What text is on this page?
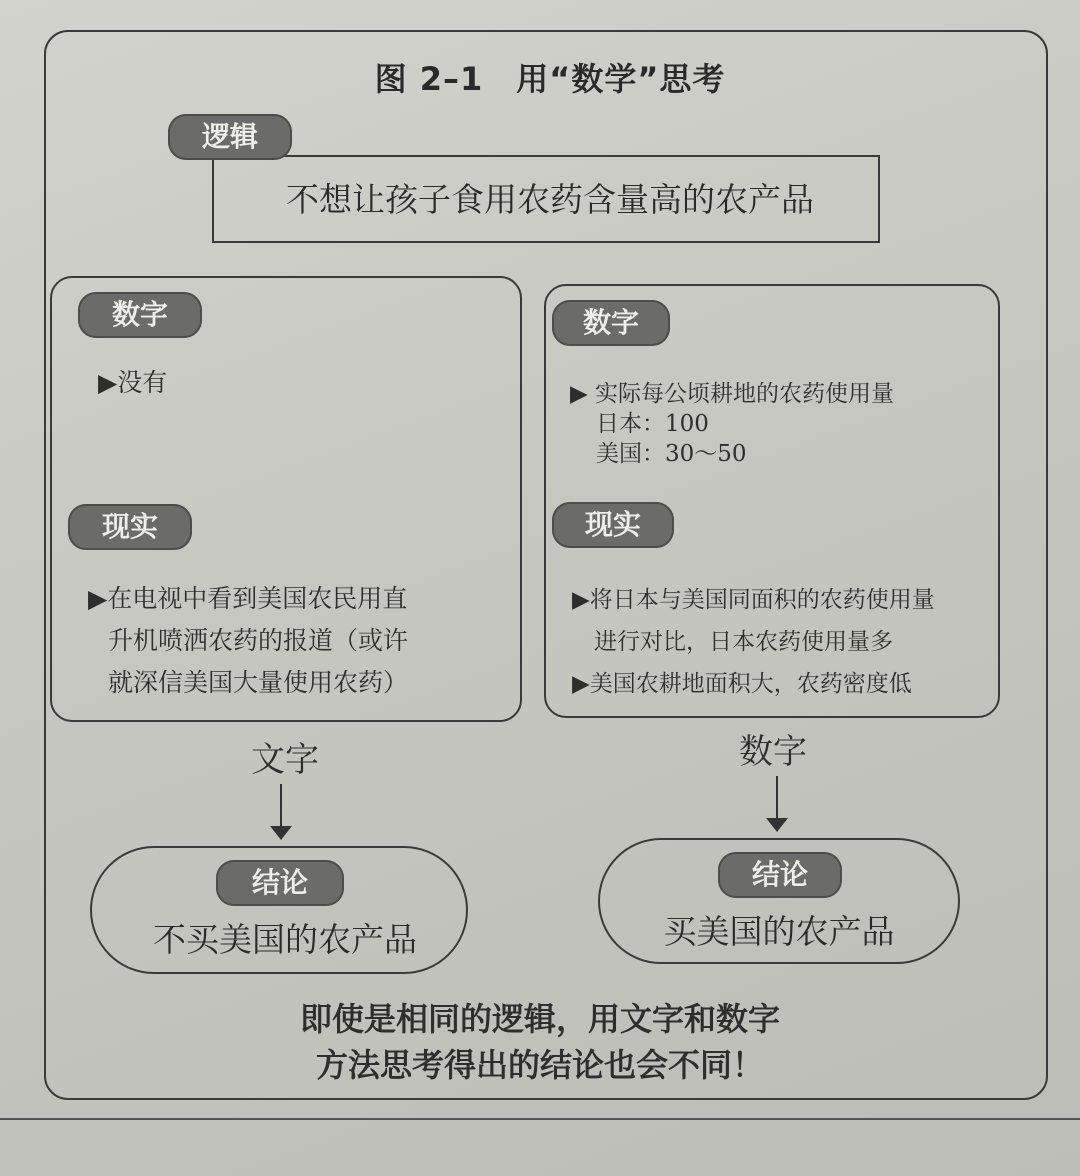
图 2–1　用“数学”思考
逻辑
不想让孩子食用农药含量高的农产品
数字
▶没有
现实
▶在电视中看到美国农民用直
升机喷洒农药的报道（或许
就深信美国大量使用农药）
数字
▶ 实际每公顷耕地的农药使用量
日本：100
美国：30～50
现实
▶将日本与美国同面积的农药使用量
进行对比，日本农药使用量多
▶美国农耕地面积大，农药密度低
文字	数字
结论
不买美国的农产品
结论
买美国的农产品
即使是相同的逻辑，用文字和数字
方法思考得出的结论也会不同！
